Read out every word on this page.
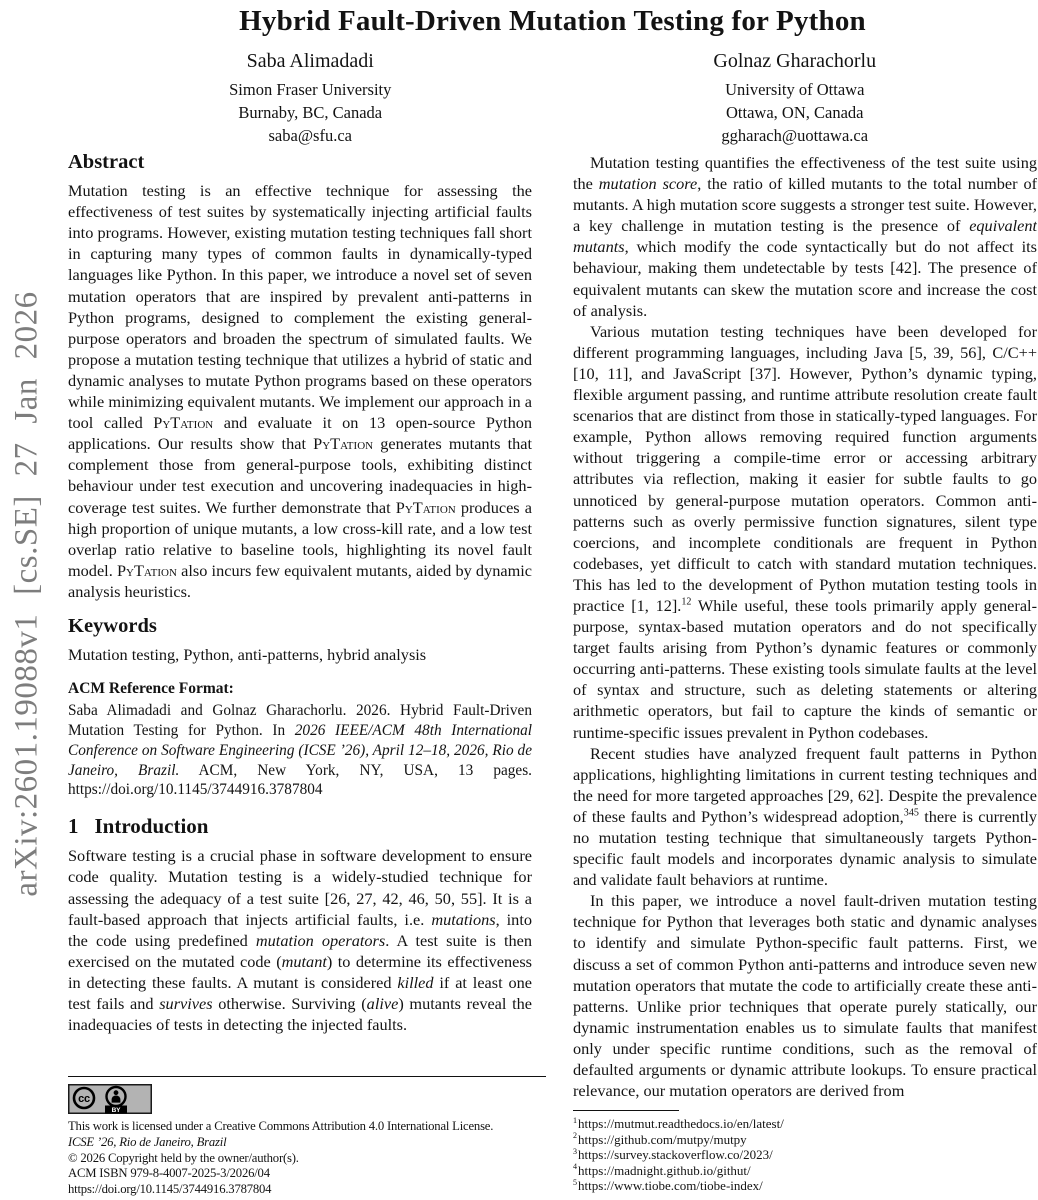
arXiv:2601.19088v1 [cs.SE] 27 Jan 2026
Hybrid Fault-Driven Mutation Testing for Python
Saba Alimadadi
Simon Fraser University
Burnaby, BC, Canada
saba@sfu.ca
Golnaz Gharachorlu
University of Ottawa
Ottawa, ON, Canada
ggharach@uottawa.ca
Abstract

Mutation testing is an effective technique for assessing the effectiveness of test suites by systematically injecting artificial faults into programs. However, existing mutation testing techniques fall short in capturing many types of common faults in dynamically-typed languages like Python. In this paper, we introduce a novel set of seven mutation operators that are inspired by prevalent anti-patterns in Python programs, designed to complement the existing general-purpose operators and broaden the spectrum of simulated faults. We propose a mutation testing technique that utilizes a hybrid of static and dynamic analyses to mutate Python programs based on these operators while minimizing equivalent mutants. We implement our approach in a tool called PyTation and evaluate it on 13 open-source Python applications. Our results show that PyTation generates mutants that complement those from general-purpose tools, exhibiting distinct behaviour under test execution and uncovering inadequacies in high-coverage test suites. We further demonstrate that PyTation produces a high proportion of unique mutants, a low cross-kill rate, and a low test overlap ratio relative to baseline tools, highlighting its novel fault model. PyTation also incurs few equivalent mutants, aided by dynamic analysis heuristics.

Keywords

Mutation testing, Python, anti-patterns, hybrid analysis

ACM Reference Format:

Saba Alimadadi and Golnaz Gharachorlu. 2026. Hybrid Fault-Driven Mutation Testing for Python. In 2026 IEEE/ACM 48th International Conference on Software Engineering (ICSE ’26), April 12–18, 2026, Rio de Janeiro, Brazil. ACM, New York, NY, USA, 13 pages. https://doi.org/10.1145/3744916.3787804

1 Introduction

Software testing is a crucial phase in software development to ensure code quality. Mutation testing is a widely-studied technique for assessing the adequacy of a test suite [26, 27, 42, 46, 50, 55]. It is a fault-based approach that injects artificial faults, i.e. mutations, into the code using predefined mutation operators. A test suite is then exercised on the mutated code (mutant) to determine its effectiveness in detecting these faults. A mutant is considered killed if at least one test fails and survives otherwise. Surviving (alive) mutants reveal the inadequacies of tests in detecting the injected faults.

Mutation testing quantifies the effectiveness of the test suite using the mutation score, the ratio of killed mutants to the total number of mutants. A high mutation score suggests a stronger test suite. However, a key challenge in mutation testing is the presence of equivalent mutants, which modify the code syntactically but do not affect its behaviour, making them undetectable by tests [42]. The presence of equivalent mutants can skew the mutation score and increase the cost of analysis.

Various mutation testing techniques have been developed for different programming languages, including Java [5, 39, 56], C/C++ [10, 11], and JavaScript [37]. However, Python’s dynamic typing, flexible argument passing, and runtime attribute resolution create fault scenarios that are distinct from those in statically-typed languages. For example, Python allows removing required function arguments without triggering a compile-time error or accessing arbitrary attributes via reflection, making it easier for subtle faults to go unnoticed by general-purpose mutation operators. Common anti-patterns such as overly permissive function signatures, silent type coercions, and incomplete conditionals are frequent in Python codebases, yet difficult to catch with standard mutation techniques. This has led to the development of Python mutation testing tools in practice [1, 12].$^{12}$ While useful, these tools primarily apply general-purpose, syntax-based mutation operators and do not specifically target faults arising from Python’s dynamic features or commonly occurring anti-patterns. These existing tools simulate faults at the level of syntax and structure, such as deleting statements or altering arithmetic operators, but fail to capture the kinds of semantic or runtime-specific issues prevalent in Python codebases.

Recent studies have analyzed frequent fault patterns in Python applications, highlighting limitations in current testing techniques and the need for more targeted approaches [29, 62]. Despite the prevalence of these faults and Python’s widespread adoption,$^{345}$ there is currently no mutation testing technique that simultaneously targets Python-specific fault models and incorporates dynamic analysis to simulate and validate fault behaviors at runtime.

In this paper, we introduce a novel fault-driven mutation testing technique for Python that leverages both static and dynamic analyses to identify and simulate Python-specific fault patterns. First, we discuss a set of common Python anti-patterns and introduce seven new mutation operators that mutate the code to artificially create these anti-patterns. Unlike prior techniques that operate purely statically, our dynamic instrumentation enables us to simulate faults that manifest only under specific runtime conditions, such as the removal of defaulted arguments or dynamic attribute lookups. To ensure practical relevance, our mutation operators are derived from

cc
BY
This work is licensed under a Creative Commons Attribution 4.0 International License.
ICSE ’26, Rio de Janeiro, Brazil
© 2026 Copyright held by the owner/author(s).
ACM ISBN 979-8-4007-2025-3/2026/04
https://doi.org/10.1145/3744916.3787804
$^1$https://mutmut.readthedocs.io/en/latest/
$^2$https://github.com/mutpy/mutpy
$^3$https://survey.stackoverflow.co/2023/
$^4$https://madnight.github.io/githut/
$^5$https://www.tiobe.com/tiobe-index/
